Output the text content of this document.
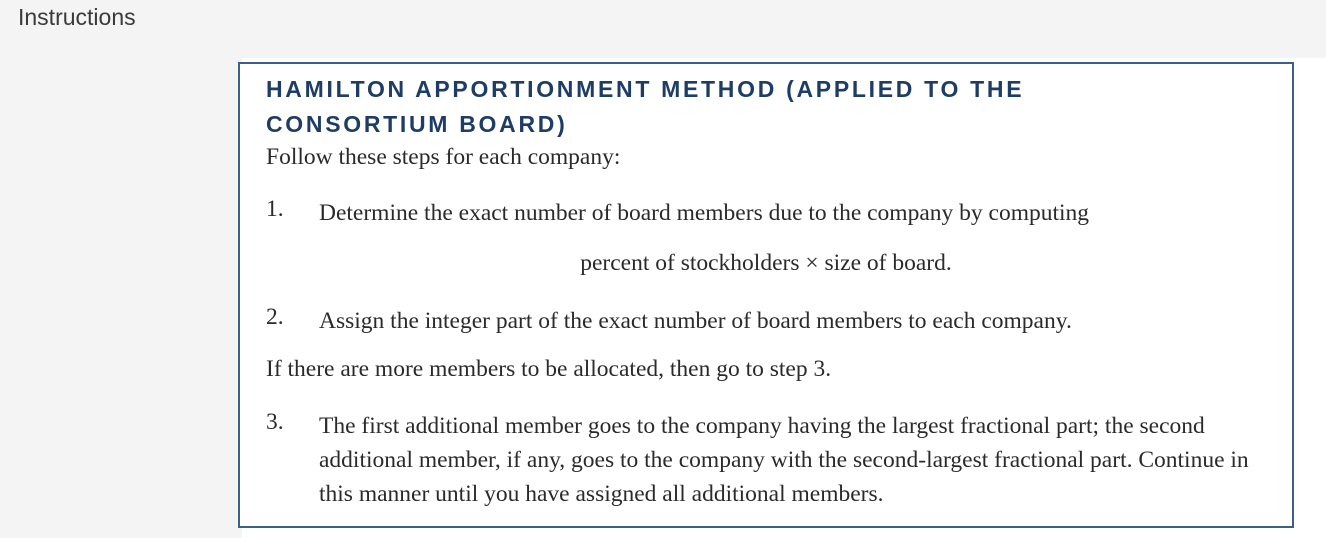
Instructions
HAMILTON APPORTIONMENT METHOD (APPLIED TO THE CONSORTIUM BOARD)
Follow these steps for each company:
1. Determine the exact number of board members due to the company by computing
percent of stockholders × size of board.
2. Assign the integer part of the exact number of board members to each company.
If there are more members to be allocated, then go to step 3.
3. The first additional member goes to the company having the largest fractional part; the second additional member, if any, goes to the company with the second-largest fractional part. Continue in this manner until you have assigned all additional members.
